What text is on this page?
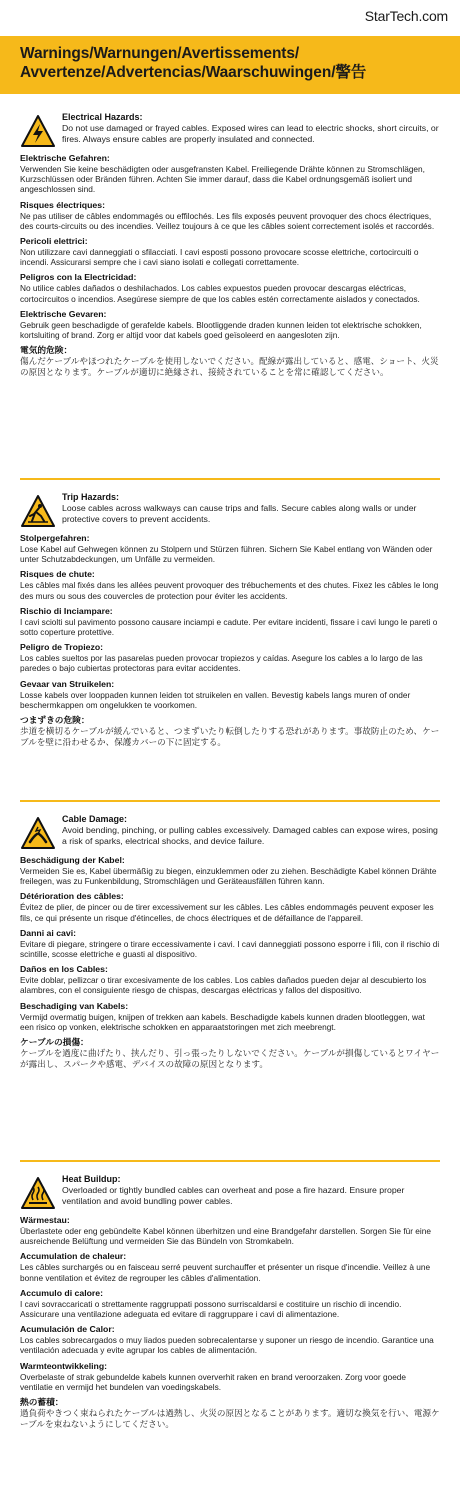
StarTech.com
Warnings/Warnungen/Avertissements/
Avvertenze/Advertencias/Waarschuwingen/警告
Electrical Hazards:
Do not use damaged or frayed cables. Exposed wires can lead to electric shocks, short circuits, or fires. Always ensure cables are properly insulated and connected.
Elektrische Gefahren:
Verwenden Sie keine beschädigten oder ausgefransten Kabel. Freiliegende Drähte können zu Stromschlägen, Kurzschlüssen oder Bränden führen. Achten Sie immer darauf, dass die Kabel ordnungsgemäß isoliert und angeschlossen sind.
Risques électriques:
Ne pas utiliser de câbles endommagés ou effilochés. Les fils exposés peuvent provoquer des chocs électriques, des courts-circuits ou des incendies. Veillez toujours à ce que les câbles soient correctement isolés et raccordés.
Pericoli elettrici:
Non utilizzare cavi danneggiati o sfilacciati. I cavi esposti possono provocare scosse elettriche, cortocircuiti o incendi. Assicurarsi sempre che i cavi siano isolati e collegati correttamente.
Peligros con la Electricidad:
No utilice cables dañados o deshilachados. Los cables expuestos pueden provocar descargas eléctricas, cortocircuitos o incendios. Asegúrese siempre de que los cables estén correctamente aislados y conectados.
Elektrische Gevaren:
Gebruik geen beschadigde of gerafelde kabels. Blootliggende draden kunnen leiden tot elektrische schokken, kortsluiting of brand. Zorg er altijd voor dat kabels goed geïsoleerd en aangesloten zijn.
電気的危険：
傷んだケーブルやほつれたケーブルを使用しないでください。配線が露出していると、感電、ショート、火災の原因となります。ケーブルが適切に絶縁され、接続されていることを常に確認してください。
Trip Hazards:
Loose cables across walkways can cause trips and falls. Secure cables along walls or under protective covers to prevent accidents.
Stolpergefahren:
Lose Kabel auf Gehwegen können zu Stolpern und Stürzen führen. Sichern Sie Kabel entlang von Wänden oder unter Schutzabdeckungen, um Unfälle zu vermeiden.
Risques de chute:
Les câbles mal fixés dans les allées peuvent provoquer des trébuchements et des chutes. Fixez les câbles le long des murs ou sous des couvercles de protection pour éviter les accidents.
Rischio di Inciampare:
I cavi sciolti sul pavimento possono causare inciampi e cadute. Per evitare incidenti, fissare i cavi lungo le pareti o sotto coperture protettive.
Peligro de Tropiezo:
Los cables sueltos por las pasarelas pueden provocar tropiezos y caídas. Asegure los cables a lo largo de las paredes o bajo cubiertas protectoras para evitar accidentes.
Gevaar van Struikelen:
Losse kabels over looppaden kunnen leiden tot struikelen en vallen. Bevestig kabels langs muren of onder beschermkappen om ongelukken te voorkomen.
つまずきの危険：
歩道を横切るケーブルが緩んでいると、つまずいたり転倒したりする恐れがあります。事故防止のため、ケーブルを壁に沿わせるか、保護カバーの下に固定する。
Cable Damage:
Avoid bending, pinching, or pulling cables excessively. Damaged cables can expose wires, posing a risk of sparks, electrical shocks, and device failure.
Beschädigung der Kabel:
Vermeiden Sie es, Kabel übermäßig zu biegen, einzuklemmen oder zu ziehen. Beschädigte Kabel können Drähte freilegen, was zu Funkenbildung, Stromschlägen und Geräteausfällen führen kann.
Détérioration des câbles:
Évitez de plier, de pincer ou de tirer excessivement sur les câbles. Les câbles endommagés peuvent exposer les fils, ce qui présente un risque d'étincelles, de chocs électriques et de défaillance de l'appareil.
Danni ai cavi:
Evitare di piegare, stringere o tirare eccessivamente i cavi. I cavi danneggiati possono esporre i fili, con il rischio di scintille, scosse elettriche e guasti al dispositivo.
Daños en los Cables:
Evite doblar, pellizcar o tirar excesivamente de los cables. Los cables dañados pueden dejar al descubierto los alambres, con el consiguiente riesgo de chispas, descargas eléctricas y fallos del dispositivo.
Beschadiging van Kabels:
Vermijd overmatig buigen, knijpen of trekken aan kabels. Beschadigde kabels kunnen draden blootleggen, wat een risico op vonken, elektrische schokken en apparaatstoringen met zich meebrengt.
ケーブルの損傷：
ケーブルを過度に曲げたり、挟んだり、引っ張ったりしないでください。ケーブルが損傷しているとワイヤーが露出し、スパークや感電、デバイスの故障の原因となります。
Heat Buildup:
Overloaded or tightly bundled cables can overheat and pose a fire hazard. Ensure proper ventilation and avoid bundling power cables.
Wärmestau:
Überlastete oder eng gebündelte Kabel können überhitzen und eine Brandgefahr darstellen. Sorgen Sie für eine ausreichende Belüftung und vermeiden Sie das Bündeln von Stromkabeln.
Accumulation de chaleur:
Les câbles surchargés ou en faisceau serré peuvent surchauffer et présenter un risque d'incendie. Veillez à une bonne ventilation et évitez de regrouper les câbles d'alimentation.
Accumulo di calore:
I cavi sovraccaricati o strettamente raggruppati possono surriscaldarsi e costituire un rischio di incendio. Assicurare una ventilazione adeguata ed evitare di raggruppare i cavi di alimentazione.
Acumulación de Calor:
Los cables sobrecargados o muy liados pueden sobrecalentarse y suponer un riesgo de incendio. Garantice una ventilación adecuada y evite agrupar los cables de alimentación.
Warmteontwikkeling:
Overbelaste of strak gebundelde kabels kunnen oververhit raken en brand veroorzaken. Zorg voor goede ventilatie en vermijd het bundelen van voedingskabels.
熱の蓄積：
過負荷やきつく束ねられたケーブルは過熱し、火災の原因となることがあります。適切な換気を行い、電源ケーブルを束ねないようにしてください。
